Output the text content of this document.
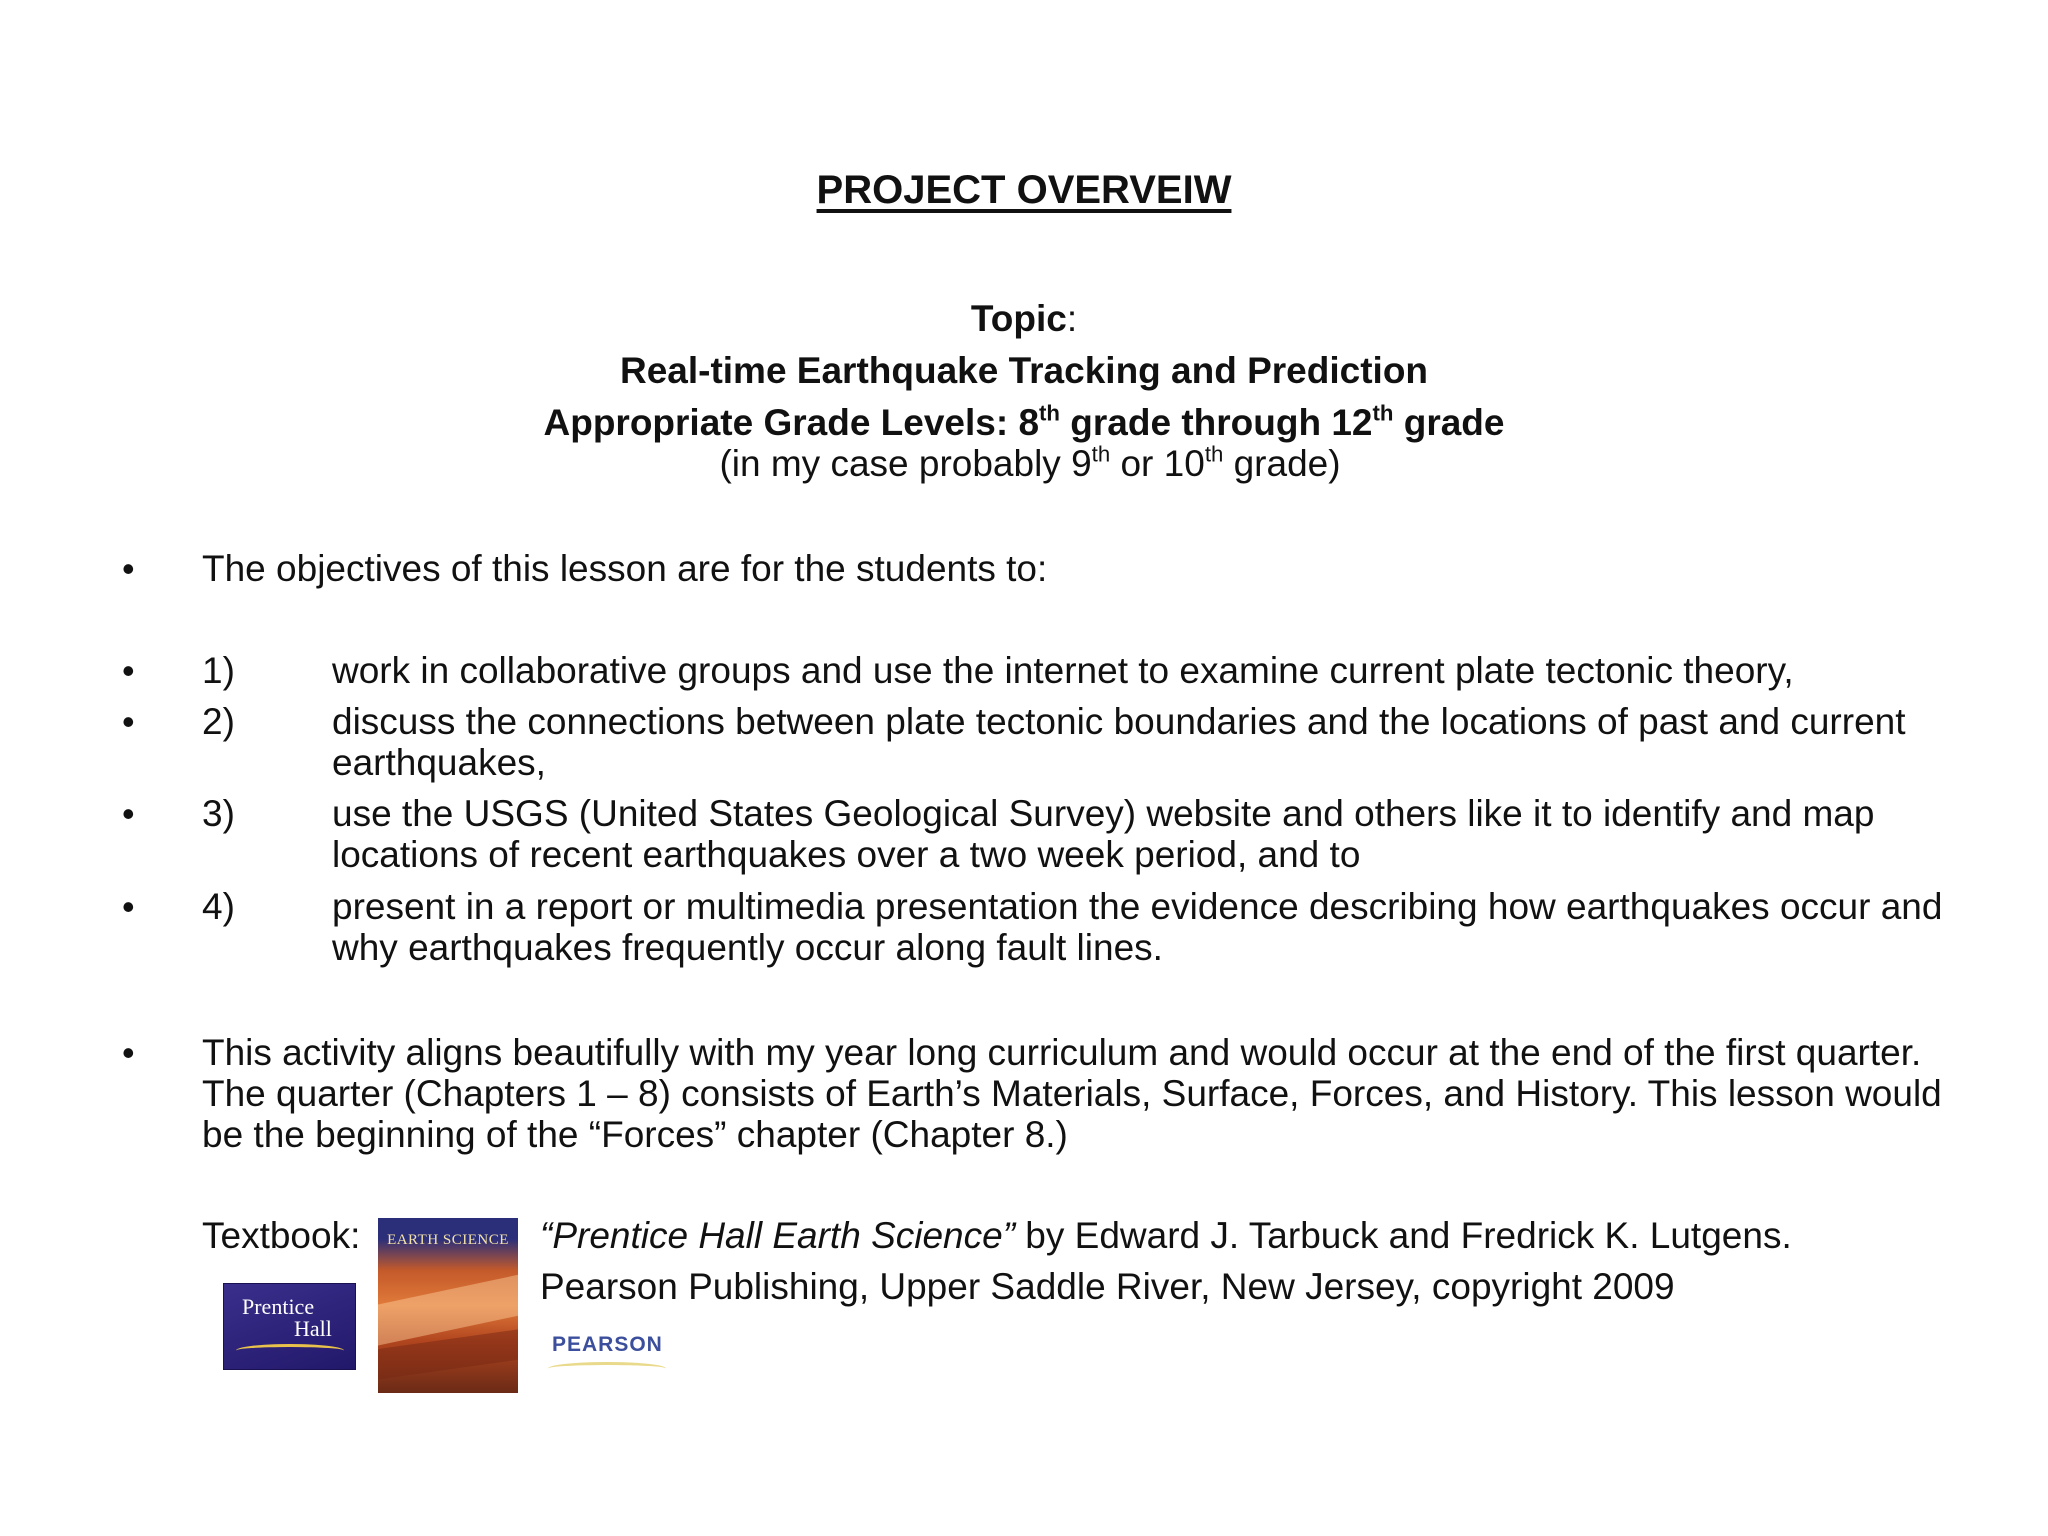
PROJECT OVERVEIW
Topic:
Real-time Earthquake Tracking and Prediction
Appropriate Grade Levels: 8th grade through 12th grade
(in my case probably 9th or 10th grade)
• The objectives of this lesson are for the students to:
• 1)	work in collaborative groups and use the internet to examine current plate tectonic theory,
• 2)	discuss the connections between plate tectonic boundaries and the locations of past and current earthquakes,
• 3)	use the USGS (United States Geological Survey) website and others like it to identify and map locations of recent earthquakes over a two week period, and to
• 4)	present in a report or multimedia presentation the evidence describing how earthquakes occur and why earthquakes frequently occur along fault lines.
• This activity aligns beautifully with my year long curriculum and would occur at the end of the first quarter. The quarter (Chapters 1 – 8) consists of Earth’s Materials, Surface, Forces, and History. This lesson would be the beginning of the “Forces” chapter (Chapter 8.)
Textbook:
Prentice
Hall
EARTH SCIENCE “Prentice Hall Earth Science” by Edward J. Tarbuck and Fredrick K. Lutgens.
Pearson Publishing, Upper Saddle River, New Jersey, copyright 2009
PEARSON
